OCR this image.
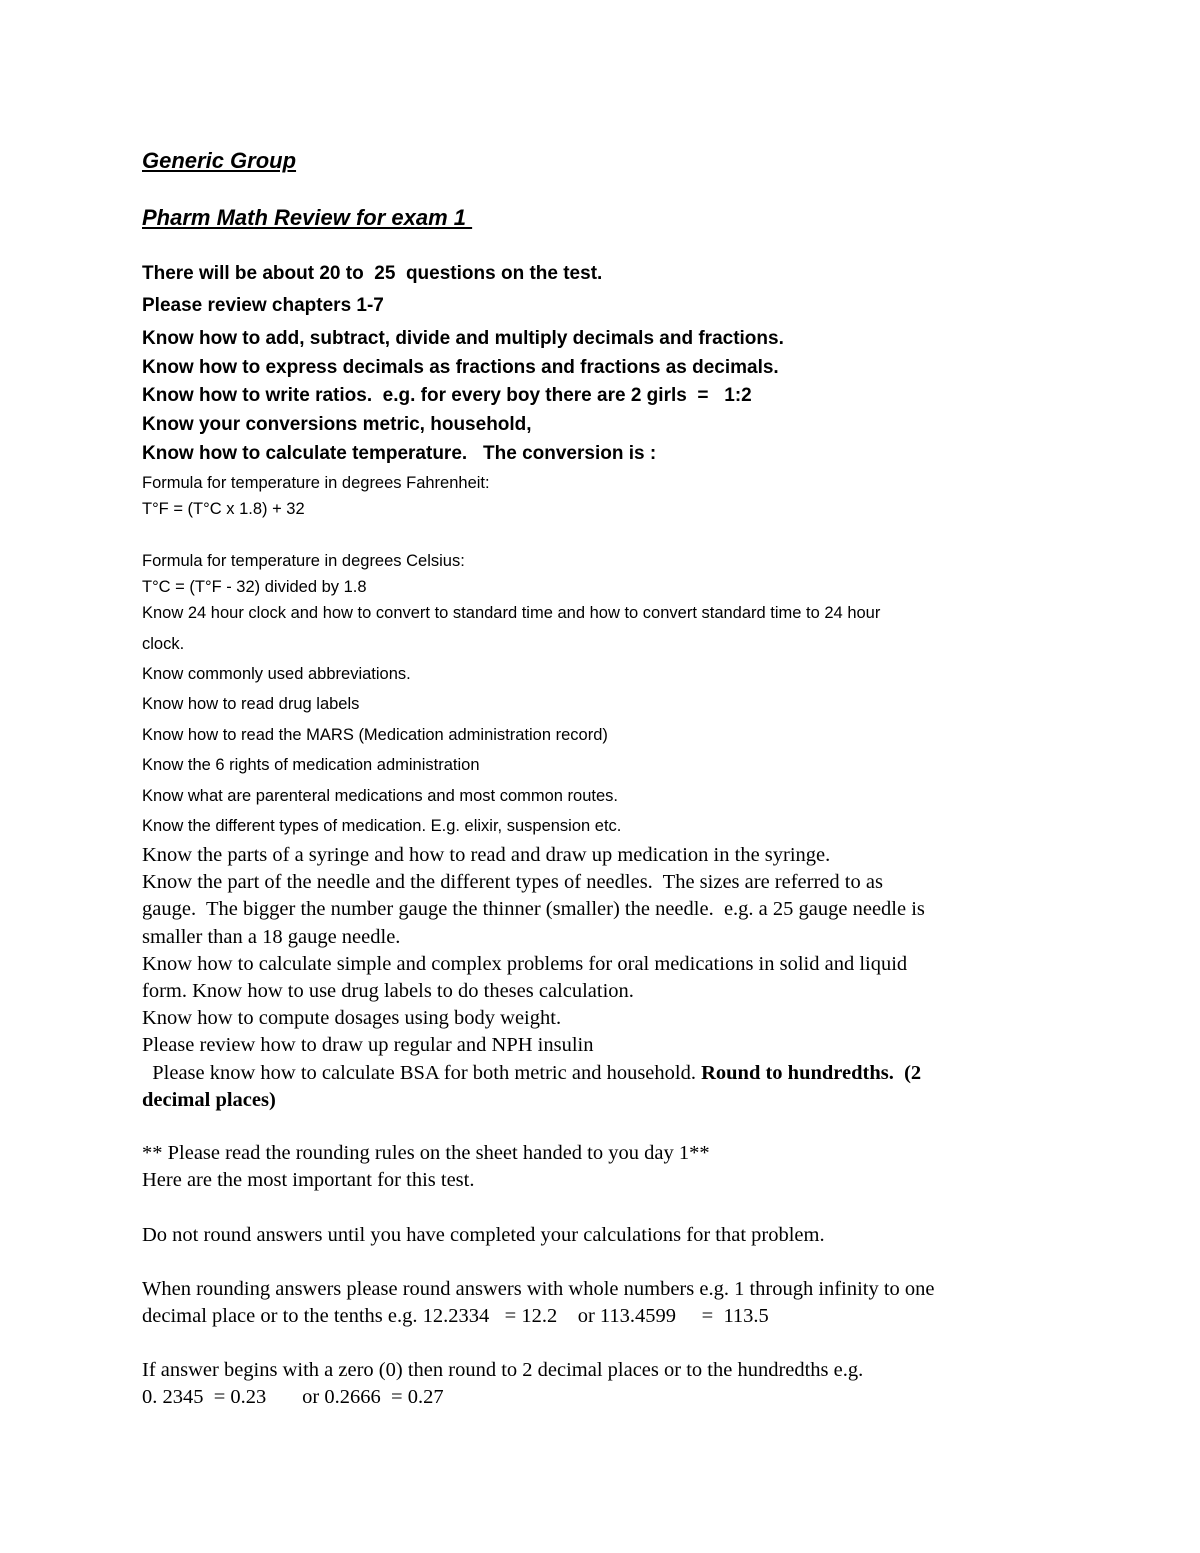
Generic Group

Pharm Math Review for exam 1

There will be about 20 to  25  questions on the test.

Please review chapters 1-7

Know how to add, subtract, divide and multiply decimals and fractions.

Know how to express decimals as fractions and fractions as decimals.

Know how to write ratios.  e.g. for every boy there are 2 girls  =   1:2

Know your conversions metric, household,

Know how to calculate temperature.   The conversion is :

Formula for temperature in degrees Fahrenheit:

T°F = (T°C x 1.8) + 32

Formula for temperature in degrees Celsius:

T°C = (T°F - 32) divided by 1.8

Know 24 hour clock and how to convert to standard time and how to convert standard time to 24 hour

clock.

Know commonly used abbreviations.

Know how to read drug labels

Know how to read the MARS (Medication administration record)

Know the 6 rights of medication administration

Know what are parenteral medications and most common routes.

Know the different types of medication. E.g. elixir, suspension etc.

Know the parts of a syringe and how to read and draw up medication in the syringe.

Know the part of the needle and the different types of needles.  The sizes are referred to as

gauge.  The bigger the number gauge the thinner (smaller) the needle.  e.g. a 25 gauge needle is

smaller than a 18 gauge needle.

Know how to calculate simple and complex problems for oral medications in solid and liquid

form. Know how to use drug labels to do theses calculation.

Know how to compute dosages using body weight.

Please review how to draw up regular and NPH insulin

Please know how to calculate BSA for both metric and household. Round to hundredths.  (2

decimal places)

** Please read the rounding rules on the sheet handed to you day 1**

Here are the most important for this test.

Do not round answers until you have completed your calculations for that problem.

When rounding answers please round answers with whole numbers e.g. 1 through infinity to one

decimal place or to the tenths e.g. 12.2334   = 12.2    or 113.4599     =  113.5

If answer begins with a zero (0) then round to 2 decimal places or to the hundredths e.g.

0. 2345  = 0.23       or 0.2666  = 0.27
